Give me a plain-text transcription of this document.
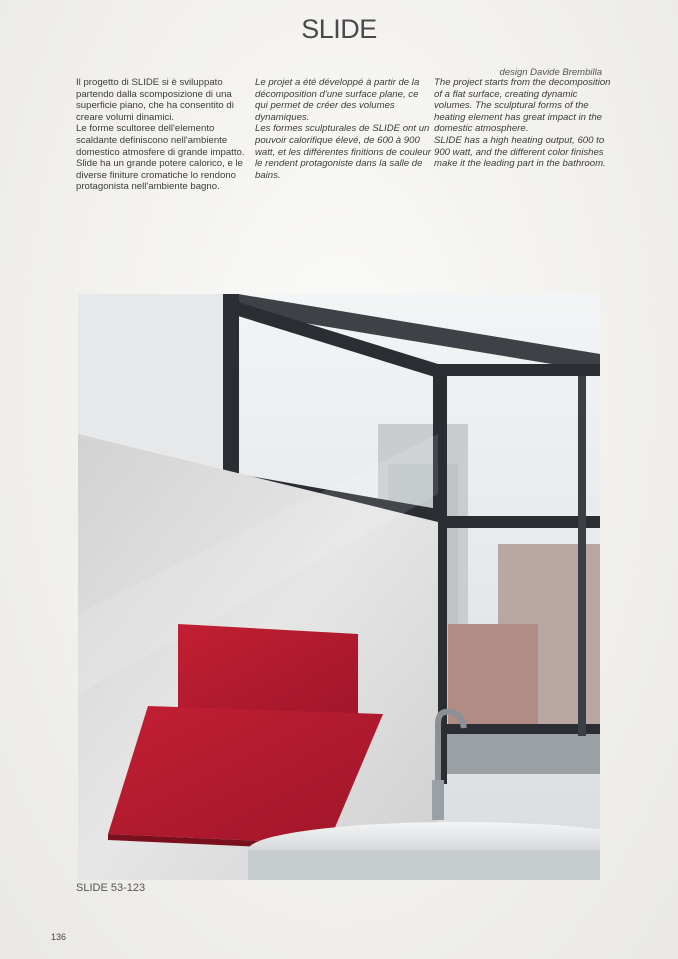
SLIDE
design Davide Brembilla

Il progetto di SLIDE si è sviluppato partendo dalla scomposizione di una superficie piano, che ha consentito di creare volumi dinamici.

Le forme scultoree dell'elemento scaldante definiscono nell'ambiente domestico atmosfere di grande impatto.

Slide ha un grande potere calorico, e le diverse finiture cromatiche lo rendono protagonista nell'ambiente bagno.

Le projet a été développé à partir de la décomposition d'une surface plane, ce qui permet de créer des volumes dynamiques.

Les formes sculpturales de SLIDE ont un pouvoir calorifique élevé, de 600 à 900 watt, et les différentes finitions de couleur le rendent protagoniste dans la salle de bains.

The project starts from the decomposition of a flat surface, creating dynamic volumes. The sculptural forms of the heating element has great impact in the domestic atmosphere.

SLIDE has a high heating output, 600 to 900 watt, and the different color finishes make it the leading part in the bathroom.

SLIDE 53-123
136
